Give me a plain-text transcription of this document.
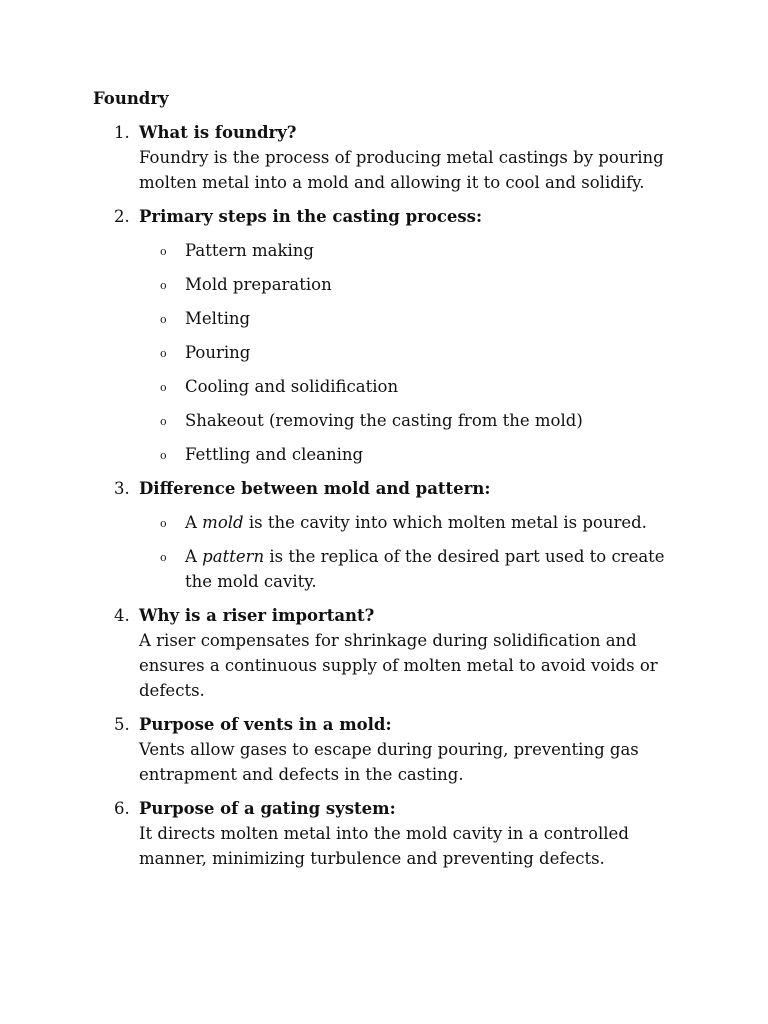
Foundry
1. What is foundry?
Foundry is the process of producing metal castings by pouring molten metal into a mold and allowing it to cool and solidify.
2. Primary steps in the casting process:
o Pattern making
o Mold preparation
o Melting
o Pouring
o Cooling and solidification
o Shakeout (removing the casting from the mold)
o Fettling and cleaning
3. Difference between mold and pattern:
o A mold is the cavity into which molten metal is poured.
o A pattern is the replica of the desired part used to create the mold cavity.
4. Why is a riser important?
A riser compensates for shrinkage during solidification and ensures a continuous supply of molten metal to avoid voids or defects.
5. Purpose of vents in a mold:
Vents allow gases to escape during pouring, preventing gas entrapment and defects in the casting.
6. Purpose of a gating system:
It directs molten metal into the mold cavity in a controlled manner, minimizing turbulence and preventing defects.
